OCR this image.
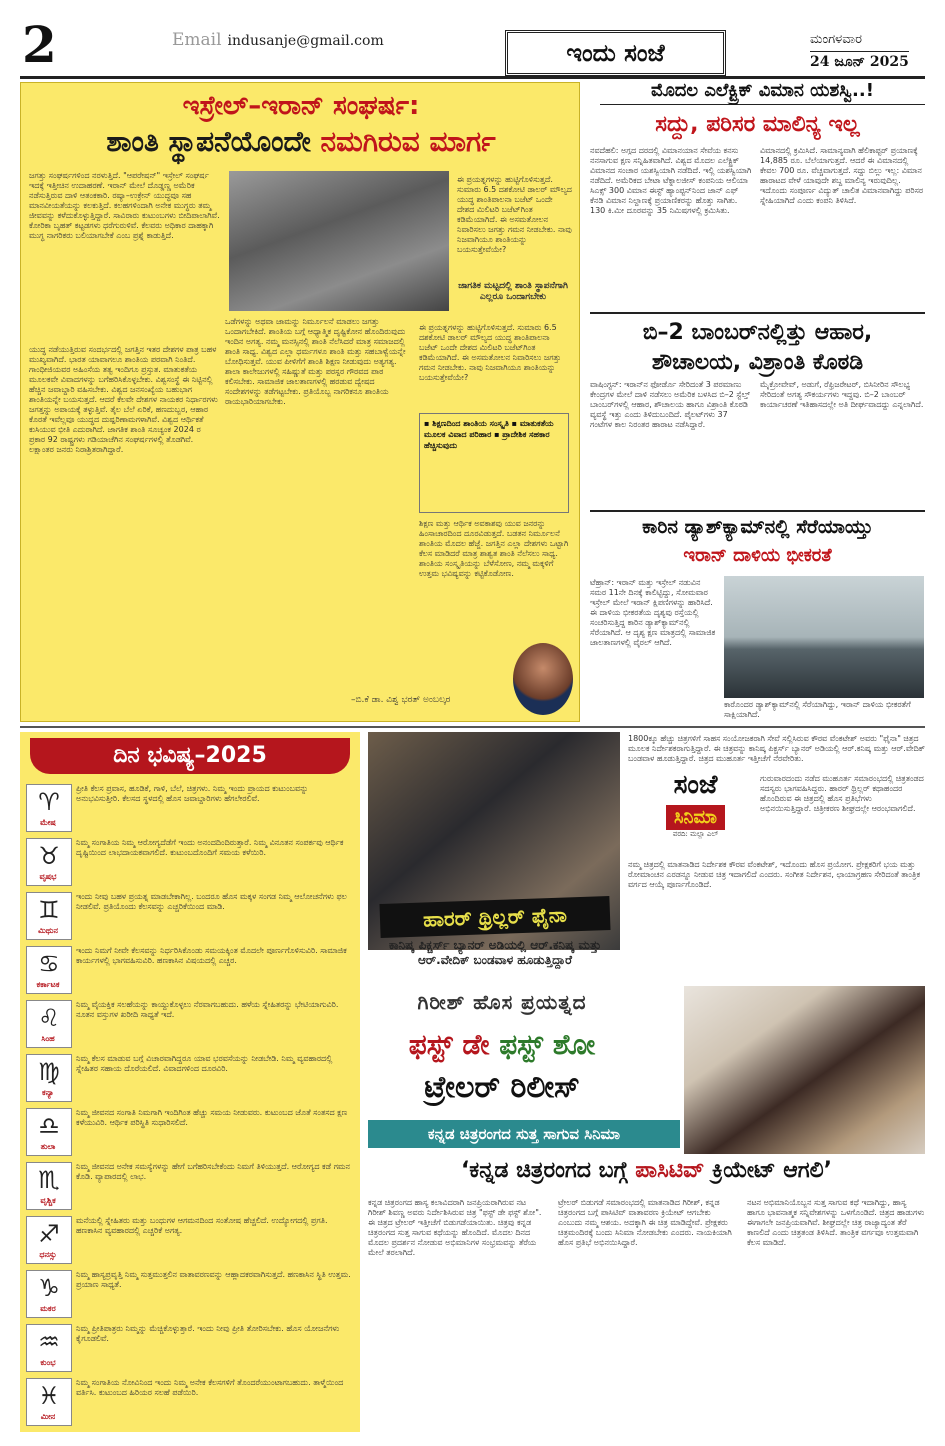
2	Email indusanje@gmail.com	ಇಂದು ಸಂಜೆ	ಮಂಗಳವಾರ
24 ಜೂನ್ 2025
ಇಸ್ರೇಲ್–ಇರಾನ್ ಸಂಘರ್ಷ:
ಶಾಂತಿ ಸ್ಥಾಪನೆಯೊಂದೇ ನಮಗಿರುವ ಮಾರ್ಗ
ಜಗತ್ತು ಸಂಘರ್ಷಗಳಿಂದ ನರಳುತ್ತಿದೆ. "ಆಪರೇಷನ್" ಇಸ್ರೇಲ್ ಸಂಘರ್ಷ ಇದಕ್ಕೆ ಇತ್ತೀಚಿನ ಉದಾಹರಣೆ. ಇರಾನ್ ಮೇಲೆ ದೊಡ್ಡಣ್ಣ ಅಮೆರಿಕ ನಡೆಸುತ್ತಿರುವ ದಾಳಿ ಆತಂಕಕಾರಿ. ರಷ್ಯಾ–ಉಕ್ರೇನ್ ಯುದ್ಧವೂ ಸಹ ಮಾನವೀಯತೆಯನ್ನು ಕಲಕುತ್ತಿದೆ. ಕಲಹಗಳಿಂದಾಗಿ ಅನೇಕ ಮುಗ್ಧರು ತಮ್ಮ ಜೀವವನ್ನು ಕಳೆದುಕೊಳ್ಳುತ್ತಿದ್ದಾರೆ. ಸಾವಿರಾರು ಕುಟುಂಬಗಳು ಬೀದಿಪಾಲಾಗಿವೆ. ಕೋರಿಕಾ ಬೃಹತ್ ಕಟ್ಟಡಗಳು ಧರೆಗುರುಳಿವೆ. ಕೆಲವರು ಅಧಿಕಾರ ದಾಹಕ್ಕಾಗಿ ಮುಗ್ಧ ನಾಗರಿಕರು ಬಲಿಯಾಗಬೇಕೆ ಎಂಬ ಪ್ರಶ್ನೆ ಕಾಡುತ್ತಿದೆ.
ಯುದ್ಧ ನಡೆಯುತ್ತಿರುವ ಸಂದರ್ಭದಲ್ಲಿ ಜಗತ್ತಿನ ಇತರ ದೇಶಗಳ ಪಾತ್ರ ಬಹಳ ಮುಖ್ಯವಾಗಿದೆ. ಭಾರತ ಯಾವಾಗಲೂ ಶಾಂತಿಯ ಪರವಾಗಿ ನಿಂತಿದೆ. ಗಾಂಧೀಜಿಯವರ ಅಹಿಂಸೆಯ ತತ್ವ ಇಂದಿಗೂ ಪ್ರಸ್ತುತ. ಮಾತುಕತೆಯ ಮೂಲಕವೇ ವಿವಾದಗಳನ್ನು ಬಗೆಹರಿಸಿಕೊಳ್ಳಬೇಕು. ವಿಶ್ವಸಂಸ್ಥೆ ಈ ನಿಟ್ಟಿನಲ್ಲಿ ಹೆಚ್ಚಿನ ಜವಾಬ್ದಾರಿ ವಹಿಸಬೇಕು. ವಿಶ್ವದ ಜನಸಂಖ್ಯೆಯ ಬಹುಭಾಗ ಶಾಂತಿಯನ್ನೇ ಬಯಸುತ್ತದೆ. ಆದರೆ ಕೆಲವೇ ದೇಶಗಳ ನಾಯಕರ ನಿರ್ಧಾರಗಳು ಜಗತ್ತನ್ನು ಅಪಾಯಕ್ಕೆ ತಳ್ಳುತ್ತಿವೆ. ತೈಲ ಬೆಲೆ ಏರಿಕೆ, ಹಣದುಬ್ಬರ, ಆಹಾರ ಕೊರತೆ ಇವೆಲ್ಲವೂ ಯುದ್ಧದ ದುಷ್ಪರಿಣಾಮಗಳಾಗಿವೆ. ವಿಶ್ವದ ಆರ್ಥಿಕತೆ ಕುಸಿಯುವ ಭೀತಿ ಎದುರಾಗಿದೆ. ಜಾಗತಿಕ ಶಾಂತಿ ಸೂಚ್ಯಂಕ 2024 ರ ಪ್ರಕಾರ 92 ರಾಷ್ಟ್ರಗಳು ಗಡಿಯಾಚೆಗಿನ ಸಂಘರ್ಷಗಳಲ್ಲಿ ತೊಡಗಿವೆ. ಲಕ್ಷಾಂತರ ಜನರು ನಿರಾಶ್ರಿತರಾಗಿದ್ದಾರೆ.
ಒಡೆಗಳನ್ನು ಅಥವಾ ಜಾಮನ್ನು ನಿರ್ಮೂಲನೆ ಮಾಡಲು ಜಗತ್ತು ಒಂದಾಗಬೇಕಿದೆ. ಶಾಂತಿಯ ಬಗ್ಗೆ ಆಧ್ಯಾತ್ಮಿಕ ದೃಷ್ಟಿಕೋನ ಹೊಂದಿರುವುದು ಇಂದಿನ ಅಗತ್ಯ. ನಮ್ಮ ಮನಸ್ಸಿನಲ್ಲಿ ಶಾಂತಿ ನೆಲೆಸಿದರೆ ಮಾತ್ರ ಸಮಾಜದಲ್ಲಿ ಶಾಂತಿ ಸಾಧ್ಯ. ವಿಶ್ವದ ಎಲ್ಲಾ ಧರ್ಮಗಳೂ ಶಾಂತಿ ಮತ್ತು ಸಹಬಾಳ್ವೆಯನ್ನೇ ಬೋಧಿಸುತ್ತವೆ. ಯುವ ಪೀಳಿಗೆಗೆ ಶಾಂತಿ ಶಿಕ್ಷಣ ನೀಡುವುದು ಅತ್ಯಗತ್ಯ. ಶಾಲಾ ಕಾಲೇಜುಗಳಲ್ಲಿ ಸಹಿಷ್ಣುತೆ ಮತ್ತು ಪರಸ್ಪರ ಗೌರವದ ಪಾಠ ಕಲಿಸಬೇಕು. ಸಾಮಾಜಿಕ ಜಾಲತಾಣಗಳಲ್ಲಿ ಹರಡುವ ದ್ವೇಷದ ಸಂದೇಶಗಳನ್ನು ತಡೆಗಟ್ಟಬೇಕು. ಪ್ರತಿಯೊಬ್ಬ ನಾಗರಿಕನೂ ಶಾಂತಿಯ ರಾಯಭಾರಿಯಾಗಬೇಕು.
ಈ ಪ್ರಯತ್ನಗಳನ್ನು ಹುಟ್ಟಿಗೊಳಿಸುತ್ತದೆ. ಸುಮಾರು 6.5 ದಶಕೋಟಿ ಡಾಲರ್ ಮೌಲ್ಯದ ಯುದ್ಧ ಶಾಂತಿಪಾಲನಾ ಬಜೆಟ್ ಒಂದೇ ದೇಶದ ಮಿಲಿಟರಿ ಬಜೆಟ್‌ಗಿಂತ ಕಡಿಮೆಯಾಗಿದೆ. ಈ ಅಸಮತೋಲನ ನಿವಾರಿಸಲು ಜಗತ್ತು ಗಮನ ನೀಡಬೇಕು. ನಾವು ನಿಜವಾಗಿಯೂ ಶಾಂತಿಯನ್ನು ಬಯಸುತ್ತೇವೆಯೇ?
ಜಾಗತಿಕ ಮಟ್ಟದಲ್ಲಿ ಶಾಂತಿ ಸ್ಥಾಪನೆಗಾಗಿ ಎಲ್ಲರೂ ಒಂದಾಗಬೇಕು
ಈ ಪ್ರಯತ್ನಗಳನ್ನು ಹುಟ್ಟಿಗೊಳಿಸುತ್ತದೆ. ಸುಮಾರು 6.5 ದಶಕೋಟಿ ಡಾಲರ್ ಮೌಲ್ಯದ ಯುದ್ಧ ಶಾಂತಿಪಾಲನಾ ಬಜೆಟ್ ಒಂದೇ ದೇಶದ ಮಿಲಿಟರಿ ಬಜೆಟ್‌ಗಿಂತ ಕಡಿಮೆಯಾಗಿದೆ. ಈ ಅಸಮತೋಲನ ನಿವಾರಿಸಲು ಜಗತ್ತು ಗಮನ ನೀಡಬೇಕು. ನಾವು ನಿಜವಾಗಿಯೂ ಶಾಂತಿಯನ್ನು ಬಯಸುತ್ತೇವೆಯೇ?
▪ ಶಿಕ್ಷಣದಿಂದ ಶಾಂತಿಯ ಸಂಸ್ಕೃತಿ ▪ ಮಾತುಕತೆಯ ಮೂಲಕ ವಿವಾದ ಪರಿಹಾರ ▪ ಪ್ರಾದೇಶಿಕ ಸಹಕಾರ ಹೆಚ್ಚಿಸುವುದು
ಶಿಕ್ಷಣ ಮತ್ತು ಆರ್ಥಿಕ ಅವಕಾಶವು ಯುವ ಜನರನ್ನು ಹಿಂಸಾಚಾರದಿಂದ ದೂರವಿಡುತ್ತದೆ. ಬಡತನ ನಿರ್ಮೂಲನೆ ಶಾಂತಿಯ ಮೊದಲ ಹೆಜ್ಜೆ. ಜಗತ್ತಿನ ಎಲ್ಲಾ ದೇಶಗಳು ಒಟ್ಟಾಗಿ ಕೆಲಸ ಮಾಡಿದರೆ ಮಾತ್ರ ಶಾಶ್ವತ ಶಾಂತಿ ನೆಲೆಸಲು ಸಾಧ್ಯ. ಶಾಂತಿಯ ಸಂಸ್ಕೃತಿಯನ್ನು ಬೆಳೆಸೋಣ, ನಮ್ಮ ಮಕ್ಕಳಿಗೆ ಉತ್ತಮ ಭವಿಷ್ಯವನ್ನು ಕಟ್ಟಿಕೊಡೋಣ.
–ಬಿ.ಕೆ ಡಾ. ವಿಶ್ವ ಭರತ್ ಅಂಬಲ್ಕರ
ಮೊದಲ ಎಲೆಕ್ಟ್ರಿಕ್ ವಿಮಾನ ಯಶಸ್ವಿ..!
ಸದ್ದು, ಪರಿಸರ ಮಾಲಿನ್ಯ ಇಲ್ಲ
ನವದೆಹಲಿ: ಅಗ್ಗದ ದರದಲ್ಲಿ ವಿಮಾನಯಾನ ಸೇವೆಯ ಕನಸು ನನಸಾಗುವ ಕ್ಷಣ ಸನ್ನಿಹಿತವಾಗಿದೆ. ವಿಶ್ವದ ಮೊದಲ ಎಲೆಕ್ಟ್ರಿಕ್ ವಿಮಾನದ ಸಂಚಾರ ಯಶಸ್ವಿಯಾಗಿ ನಡೆದಿದೆ. ಇಲ್ಲಿ ಯಶಸ್ವಿಯಾಗಿ ನಡೆದಿದೆ. ಅಮೆರಿಕದ ಬೇಟಾ ಟೆಕ್ನಾಲಜೀಸ್ ಕಂಪನಿಯ ಆಲಿಯಾ ಸಿಎಕ್ಸ್ 300 ವಿಮಾನ ಈಸ್ಟ್ ಹ್ಯಾಂಪ್ಟನ್‌ನಿಂದ ಜಾನ್ ಎಫ್ ಕೆನಡಿ ವಿಮಾನ ನಿಲ್ದಾಣಕ್ಕೆ ಪ್ರಯಾಣಿಕರನ್ನು ಹೊತ್ತು ಸಾಗಿತು. 130 ಕಿ.ಮೀ ದೂರವನ್ನು 35 ನಿಮಿಷಗಳಲ್ಲಿ ಕ್ರಮಿಸಿತು.
ವಿಮಾನದಲ್ಲಿ ಕ್ರಮಿಸಿದೆ. ಸಾಮಾನ್ಯವಾಗಿ ಹೆಲಿಕಾಪ್ಟರ್ ಪ್ರಯಾಣಕ್ಕೆ 14,885 ರೂ. ಬೆಲೆಯಾಗುತ್ತದೆ. ಆದರೆ ಈ ವಿಮಾನದಲ್ಲಿ ಕೇವಲ 700 ರೂ. ವೆಚ್ಚವಾಗುತ್ತದೆ. ಸದ್ದು ಬಿಲ್ಲು ಇಲ್ಲ: ವಿಮಾನ ಹಾರಾಟದ ವೇಳೆ ಯಾವುದೇ ಶಬ್ದ ಮಾಲಿನ್ಯ ಇರುವುದಿಲ್ಲ. ಇದೊಂದು ಸಂಪೂರ್ಣ ವಿದ್ಯುತ್ ಚಾಲಿತ ವಿಮಾನವಾಗಿದ್ದು ಪರಿಸರ ಸ್ನೇಹಿಯಾಗಿದೆ ಎಂದು ಕಂಪನಿ ತಿಳಿಸಿದೆ.
ಬಿ–2 ಬಾಂಬರ್‌ನಲ್ಲಿತ್ತು ಆಹಾರ,
ಶೌಚಾಲಯ, ವಿಶ್ರಾಂತಿ ಕೊಠಡಿ
ವಾಷಿಂಗ್ಟನ್: ಇರಾನ್‌ನ ಫೋರ್ಡೊ ಸೇರಿದಂತೆ 3 ಪರಮಾಣು ಕೇಂದ್ರಗಳ ಮೇಲೆ ದಾಳಿ ನಡೆಸಲು ಅಮೆರಿಕ ಬಳಸಿದ ಬಿ–2 ಸ್ಟೆಲ್ತ್ ಬಾಂಬರ್‌ಗಳಲ್ಲಿ ಆಹಾರ, ಶೌಚಾಲಯ ಹಾಗೂ ವಿಶ್ರಾಂತಿ ಕೊಠಡಿ ವ್ಯವಸ್ಥೆ ಇತ್ತು ಎಂದು ತಿಳಿದುಬಂದಿದೆ. ಪೈಲಟ್‌ಗಳು 37 ಗಂಟೆಗಳ ಕಾಲ ನಿರಂತರ ಹಾರಾಟ ನಡೆಸಿದ್ದಾರೆ.
ಮೈಕ್ರೋವೇವ್, ಅಡುಗೆ, ರೆಫ್ರಿಜರೇಟರ್, ಬಿಸಿನೀರಿನ ಸೌಲಭ್ಯ ಸೇರಿದಂತೆ ಅಗತ್ಯ ಸೌಕರ್ಯಗಳು ಇದ್ದವು. ಬಿ–2 ಬಾಂಬರ್ ಕಾರ್ಯಾಚರಣೆ ಇತಿಹಾಸದಲ್ಲೇ ಅತಿ ದೀರ್ಘವಾದದ್ದು ಎನ್ನಲಾಗಿದೆ.
ಕಾರಿನ ಡ್ಯಾಶ್‌ಕ್ಯಾಮ್‌ನಲ್ಲಿ ಸೆರೆಯಾಯ್ತು
ಇರಾನ್ ದಾಳಿಯ ಭೀಕರತೆ
ಟೆಹ್ರಾನ್: ಇರಾನ್ ಮತ್ತು ಇಸ್ರೇಲ್ ನಡುವಿನ ಸಮರ 11ನೇ ದಿನಕ್ಕೆ ಕಾಲಿಟ್ಟಿದ್ದು, ಸೋಮವಾರ ಇಸ್ರೇಲ್ ಮೇಲೆ ಇರಾನ್ ಕ್ಷಿಪಣಿಗಳನ್ನು ಹಾರಿಸಿದೆ. ಈ ದಾಳಿಯ ಭೀಕರತೆಯ ದೃಶ್ಯವು ರಸ್ತೆಯಲ್ಲಿ ಸಂಚರಿಸುತ್ತಿದ್ದ ಕಾರಿನ ಡ್ಯಾಶ್‌ಕ್ಯಾಮ್‌ನಲ್ಲಿ ಸೆರೆಯಾಗಿದೆ. ಆ ದೃಶ್ಯ ಕ್ಷಣ ಮಾತ್ರದಲ್ಲಿ ಸಾಮಾಜಿಕ ಜಾಲತಾಣಗಳಲ್ಲಿ ವೈರಲ್ ಆಗಿದೆ.
ಕಾರೊಂದರ ಡ್ಯಾಶ್‌ಕ್ಯಾಮ್‌ನಲ್ಲಿ ಸೆರೆಯಾಗಿದ್ದು, ಇರಾನ್ ದಾಳಿಯ ಭೀಕರತೆಗೆ ಸಾಕ್ಷಿಯಾಗಿದೆ.
ದಿನ ಭವಿಷ್ಯ–2025
♈
ಮೇಷ
ಪ್ರೀತಿ ಕೆಲಸ ಪ್ರವಾಸ, ಹೂಡಿಕೆ, ಗಾಳಿ, ಬೆಲೆ, ಚಿತ್ರಗಳು. ನಿಮ್ಮ ಇಂದು ಪ್ರಾಯದ ಕುಟುಂಬವನ್ನು ಅನುಭವಿಸುತ್ತೀರಿ. ಕೆಲಸದ ಸ್ಥಳದಲ್ಲಿ ಹೊಸ ಜವಾಬ್ದಾರಿಗಳು ಹೆಗಲೇರಲಿವೆ.
♉
ವೃಷಭ
ನಿಮ್ಮ ಸಂಗಾತಿಯ ನಿಮ್ಮ ಆರೋಗ್ಯದೆಡೆಗೆ ಇಂದು ಅನಂದದಿಂದಿರುತ್ತಾರೆ. ನಿಮ್ಮ ವಿನೂತನ ಸಂಪರ್ಕವು ಆರ್ಥಿಕ ದೃಷ್ಟಿಯಿಂದ ಲಾಭದಾಯಕವಾಗಲಿದೆ. ಕುಟುಂಬದೊಂದಿಗೆ ಸಮಯ ಕಳೆಯಿರಿ.
♊
ಮಿಥುನ
ಇಂದು ನೀವು ಬಹಳ ಪ್ರಯತ್ನ ಮಾಡಬೇಕಾಗಿಲ್ಲ. ಬಂದರೂ ಹೊಸ ಮಕ್ಕಳ ಸಂಗಡ ನಿಮ್ಮ ಆಲೋಚನೆಗಳು ಫಲ ನೀಡಲಿವೆ. ಪ್ರತಿಯೊಂದು ಕೆಲಸವನ್ನು ಎಚ್ಚರಿಕೆಯಿಂದ ಮಾಡಿ.
♋
ಕರ್ಕಾಟಕ
ಇಂದು ನಿಮಗೆ ನೀವೇ ಕೆಲಸವನ್ನು ನಿರ್ಧರಿಸಿಕೊಂಡು ಸಮಯಕ್ಕಿಂತ ಮೊದಲೇ ಪೂರ್ಣಗೊಳಿಸುವಿರಿ. ಸಾಮಾಜಿಕ ಕಾರ್ಯಗಳಲ್ಲಿ ಭಾಗವಹಿಸುವಿರಿ. ಹಣಕಾಸಿನ ವಿಷಯದಲ್ಲಿ ಎಚ್ಚರ.
♌
ಸಿಂಹ
ನಿಮ್ಮ ವೈಯಕ್ತಿಕ ಸಲಹೆಯನ್ನು ಕಾಯ್ದುಕೊಳ್ಳಲು ನೆರವಾಗಬಹುದು. ಹಳೆಯ ಸ್ನೇಹಿತರನ್ನು ಭೇಟಿಯಾಗುವಿರಿ. ನೂತನ ವಸ್ತುಗಳ ಖರೀದಿ ಸಾಧ್ಯತೆ ಇದೆ.
♍
ಕನ್ಯಾ
ನಿಮ್ಮ ಕೆಲಸ ಮಾಡುವ ಬಗ್ಗೆ ವಿಚಾರವಾಗಿದ್ದರೂ ಯಾವ ಭರವಸೆಯನ್ನು ನೀಡಬೇಡಿ. ನಿಮ್ಮ ವ್ಯವಹಾರದಲ್ಲಿ ಸ್ನೇಹಿತರ ಸಹಾಯ ದೊರೆಯಲಿದೆ. ವಿವಾದಗಳಿಂದ ದೂರವಿರಿ.
♎
ತುಲಾ
ನಿಮ್ಮ ಜೀವನದ ಸಂಗಾತಿ ನಿಮಗಾಗಿ ಇಂದಿಗಿಂತ ಹೆಚ್ಚು ಸಮಯ ನೀಡುವರು. ಕುಟುಂಬದ ಜೊತೆ ಸಂತಸದ ಕ್ಷಣ ಕಳೆಯುವಿರಿ. ಆರ್ಥಿಕ ಪರಿಸ್ಥಿತಿ ಸುಧಾರಿಸಲಿದೆ.
♏
ವೃಶ್ಚಿಕ
ನಿಮ್ಮ ಜೀವನದ ಅನೇಕ ಸಮಸ್ಯೆಗಳನ್ನು ಹೇಗೆ ಬಗೆಹರಿಸಬೇಕೆಂದು ನಿಮಗೆ ತಿಳಿಯುತ್ತದೆ. ಆರೋಗ್ಯದ ಕಡೆ ಗಮನ ಕೊಡಿ. ವ್ಯಾಪಾರದಲ್ಲಿ ಲಾಭ.
♐
ಧನಸ್ಸು
ಮನೆಯಲ್ಲಿ ಸ್ನೇಹಿತರು ಮತ್ತು ಬಂಧುಗಳ ಆಗಮನದಿಂದ ಸಂತೋಷ ಹೆಚ್ಚಲಿದೆ. ಉದ್ಯೋಗದಲ್ಲಿ ಪ್ರಗತಿ. ಹಣಕಾಸಿನ ವ್ಯವಹಾರದಲ್ಲಿ ಎಚ್ಚರಿಕೆ ಅಗತ್ಯ.
♑
ಮಕರ
ನಿಮ್ಮ ಹಾಸ್ಯಪ್ರವೃತ್ತಿ ನಿಮ್ಮ ಸುತ್ತಮುತ್ತಲಿನ ವಾತಾವರಣವನ್ನು ಆಹ್ಲಾದಕರವಾಗಿಸುತ್ತದೆ. ಹಣಕಾಸಿನ ಸ್ಥಿತಿ ಉತ್ತಮ. ಪ್ರಯಾಣ ಸಾಧ್ಯತೆ.
♒
ಕುಂಭ
ನಿಮ್ಮ ಪ್ರೀತಿಪಾತ್ರರು ನಿಮ್ಮನ್ನು ಮೆಚ್ಚಿಕೊಳ್ಳುತ್ತಾರೆ. ಇಂದು ನೀವು ಪ್ರೀತಿ ತೋರಿಸಬೇಕು. ಹೊಸ ಯೋಜನೆಗಳು ಕೈಗೂಡಲಿವೆ.
♓
ಮೀನ
ನಿಮ್ಮ ಸಂಗಾತಿಯ ನೋವಿನಿಂದ ಇಂದು ನಿಮ್ಮ ಅನೇಕ ಕೆಲಸಗಳಿಗೆ ತೊಂದರೆಯುಂಟಾಗಬಹುದು. ತಾಳ್ಮೆಯಿಂದ ವರ್ತಿಸಿ. ಕುಟುಂಬದ ಹಿರಿಯರ ಸಲಹೆ ಪಡೆಯಿರಿ.
ಹಾರರ್ ಥ್ರಿಲ್ಲರ್ ಫೈನಾ
ಕಾನಿಷ್ಕ ಪಿಕ್ಚರ್ಸ್ ಬ್ಯಾನರ್ ಅಡಿಯಲ್ಲಿ ಆರ್.ಕನಿಷ್ಕ ಮತ್ತು ಆರ್.ವೇದಿಕ್ ಬಂಡವಾಳ ಹೂಡುತ್ತಿದ್ದಾರೆ
1800ಕ್ಕೂ ಹೆಚ್ಚು ಚಿತ್ರಗಳಿಗೆ ಸಾಹಸ ಸಂಯೋಜಕರಾಗಿ ಸೇವೆ ಸಲ್ಲಿಸಿರುವ ಕೌರವ ವೆಂಕಟೇಶ್ ಅವರು "ಫೈನಾ" ಚಿತ್ರದ ಮೂಲಕ ನಿರ್ದೇಶಕರಾಗುತ್ತಿದ್ದಾರೆ. ಈ ಚಿತ್ರವನ್ನು ಕಾನಿಷ್ಕ ಪಿಕ್ಚರ್ಸ್ ಬ್ಯಾನರ್ ಅಡಿಯಲ್ಲಿ ಆರ್.ಕನಿಷ್ಕ ಮತ್ತು ಆರ್.ವೇದಿಕ್ ಬಂಡವಾಳ ಹೂಡುತ್ತಿದ್ದಾರೆ. ಚಿತ್ರದ ಮುಹೂರ್ತ ಇತ್ತೀಚೆಗೆ ನೆರವೇರಿತು.
ಸಂಜೆ
ಸಿನಿಮಾ
ವರದಿ: ಮಲ್ಲಾ ಎಲ್
ಗುರುವಾರದಂದು ನಡೆದ ಮುಹೂರ್ತ ಸಮಾರಂಭದಲ್ಲಿ ಚಿತ್ರತಂಡದ ಸದಸ್ಯರು ಭಾಗವಹಿಸಿದ್ದರು. ಹಾರರ್ ಥ್ರಿಲ್ಲರ್ ಕಥಾಹಂದರ ಹೊಂದಿರುವ ಈ ಚಿತ್ರದಲ್ಲಿ ಹೊಸ ಪ್ರತಿಭೆಗಳು ಅಭಿನಯಿಸುತ್ತಿದ್ದಾರೆ. ಚಿತ್ರೀಕರಣ ಶೀಘ್ರದಲ್ಲೇ ಆರಂಭವಾಗಲಿದೆ.
ನಮ್ಮ ಚಿತ್ರದಲ್ಲಿ ಮಾತನಾಡಿದ ನಿರ್ದೇಶಕ ಕೌರವ ವೆಂಕಟೇಶ್, ಇದೊಂದು ಹೊಸ ಪ್ರಯೋಗ. ಪ್ರೇಕ್ಷಕರಿಗೆ ಭಯ ಮತ್ತು ರೋಮಾಂಚನ ಎರಡನ್ನೂ ನೀಡುವ ಚಿತ್ರ ಇದಾಗಲಿದೆ ಎಂದರು. ಸಂಗೀತ ನಿರ್ದೇಶನ, ಛಾಯಾಗ್ರಹಣ ಸೇರಿದಂತೆ ತಾಂತ್ರಿಕ ವರ್ಗದ ಆಯ್ಕೆ ಪೂರ್ಣಗೊಂಡಿದೆ.
ಗಿರೀಶ್ ಹೊಸ ಪ್ರಯತ್ನದ
ಫಸ್ಟ್ ಡೇ ಫಸ್ಟ್ ಶೋ
ಟ್ರೇಲರ್ ರಿಲೀಸ್
ಕನ್ನಡ ಚಿತ್ರರಂಗದ ಸುತ್ತ ಸಾಗುವ ಸಿನಿಮಾ
‘ಕನ್ನಡ ಚಿತ್ರರಂಗದ ಬಗ್ಗೆ ಪಾಸಿಟಿವ್ ಕ್ರಿಯೇಟ್ ಆಗಲಿ’
ಕನ್ನಡ ಚಿತ್ರರಂಗದ ಹಾಸ್ಯ ಕಲಾವಿದರಾಗಿ ಜನಪ್ರಿಯರಾಗಿರುವ ನಟ ಗಿರೀಶ್ ಶಿವಣ್ಣ ಅವರು ನಿರ್ದೇಶಿಸಿರುವ ಚಿತ್ರ "ಫಸ್ಟ್ ಡೇ ಫಸ್ಟ್ ಶೋ". ಈ ಚಿತ್ರದ ಟ್ರೇಲರ್ ಇತ್ತೀಚೆಗೆ ಬಿಡುಗಡೆಯಾಯಿತು. ಚಿತ್ರವು ಕನ್ನಡ ಚಿತ್ರರಂಗದ ಸುತ್ತ ಸಾಗುವ ಕಥೆಯನ್ನು ಹೊಂದಿದೆ. ಮೊದಲ ದಿನದ ಮೊದಲ ಪ್ರದರ್ಶನ ನೋಡುವ ಅಭಿಮಾನಿಗಳ ಸಂಭ್ರಮವನ್ನು ತೆರೆಯ ಮೇಲೆ ತರಲಾಗಿದೆ.
ಟ್ರೇಲರ್ ಬಿಡುಗಡೆ ಸಮಾರಂಭದಲ್ಲಿ ಮಾತನಾಡಿದ ಗಿರೀಶ್, ಕನ್ನಡ ಚಿತ್ರರಂಗದ ಬಗ್ಗೆ ಪಾಸಿಟಿವ್ ವಾತಾವರಣ ಕ್ರಿಯೇಟ್ ಆಗಬೇಕು ಎಂಬುದು ನಮ್ಮ ಆಶಯ. ಅದಕ್ಕಾಗಿ ಈ ಚಿತ್ರ ಮಾಡಿದ್ದೇವೆ. ಪ್ರೇಕ್ಷಕರು ಚಿತ್ರಮಂದಿರಕ್ಕೆ ಬಂದು ಸಿನಿಮಾ ನೋಡಬೇಕು ಎಂದರು. ನಾಯಕಿಯಾಗಿ ಹೊಸ ಪ್ರತಿಭೆ ಅಭಿನಯಿಸಿದ್ದಾರೆ.
ನಟನ ಅಭಿಮಾನಿಯೊಬ್ಬನ ಸುತ್ತ ಸಾಗುವ ಕಥೆ ಇದಾಗಿದ್ದು, ಹಾಸ್ಯ ಹಾಗೂ ಭಾವನಾತ್ಮಕ ಸನ್ನಿವೇಶಗಳನ್ನು ಒಳಗೊಂಡಿದೆ. ಚಿತ್ರದ ಹಾಡುಗಳು ಈಗಾಗಲೇ ಜನಪ್ರಿಯವಾಗಿವೆ. ಶೀಘ್ರದಲ್ಲೇ ಚಿತ್ರ ರಾಜ್ಯಾದ್ಯಂತ ತೆರೆ ಕಾಣಲಿದೆ ಎಂದು ಚಿತ್ರತಂಡ ತಿಳಿಸಿದೆ. ತಾಂತ್ರಿಕ ವರ್ಗವೂ ಉತ್ತಮವಾಗಿ ಕೆಲಸ ಮಾಡಿದೆ.
